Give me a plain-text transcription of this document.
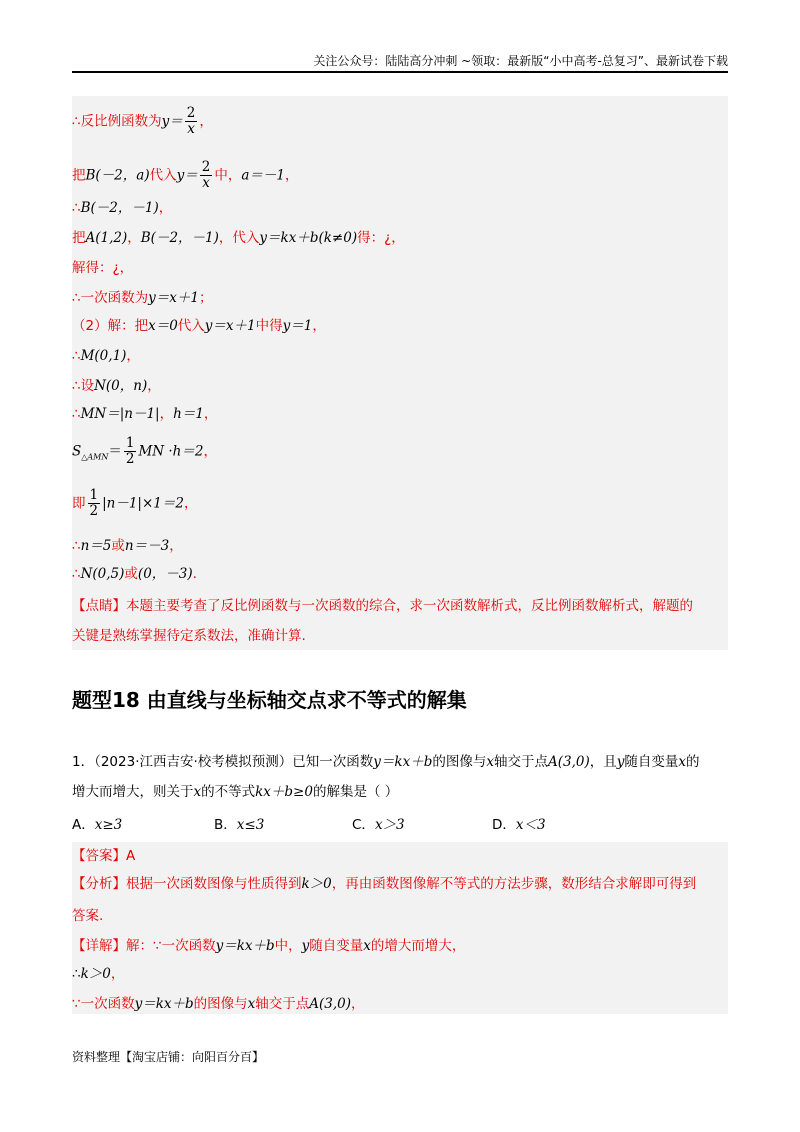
关注公众号：陆陆高分冲刺 ~领取：最新版“小中高考-总复习”、最新试卷下载
∴反比例函数为$y= \frac{2}{x}$ ，
把B(－2，a)代入$y= \frac{2}{x}$ 中，a＝－1，
∴B(－2，－1)，
把A(1,2)，B(－2，－1)，代入y＝kx＋b(k≠0)得：¿，
解得：¿，
∴一次函数为y＝x＋1；
（2）解：把x＝0代入y＝x＋1中得y＝1，
∴M(0,1)，
∴设N(0，n)，
∴MN＝|n－1|，h＝1，
$S_{\triangle AMN}= \frac{1}{2}$ MN ·h＝2，
即 $\frac{1}{2} |n-1|\times 1=2$，
∴n＝5或n＝－3，
∴N(0,5)或(0，－3).
【点睛】本题主要考查了反比例函数与一次函数的综合，求一次函数解析式，反比例函数解析式，解题的
关键是熟练掌握待定系数法，准确计算.
题型18 由直线与坐标轴交点求不等式的解集
1．（2023·江西吉安·校考模拟预测）已知一次函数y＝kx＋b的图像与x轴交于点A(3,0)，且y随自变量x的
增大而增大，则关于x的不等式kx＋b≥0的解集是（ ）
A．x≥3	B．x≤3	C．x＞3	D．x＜3
【答案】A
【分析】根据一次函数图像与性质得到k＞0，再由函数图像解不等式的方法步骤，数形结合求解即可得到
答案.
【详解】解：∵一次函数y＝kx＋b中，y随自变量x的增大而增大，
∴k＞0，
∵一次函数y＝kx＋b的图像与x轴交于点A(3,0)，
资料整理【淘宝店铺：向阳百分百】
